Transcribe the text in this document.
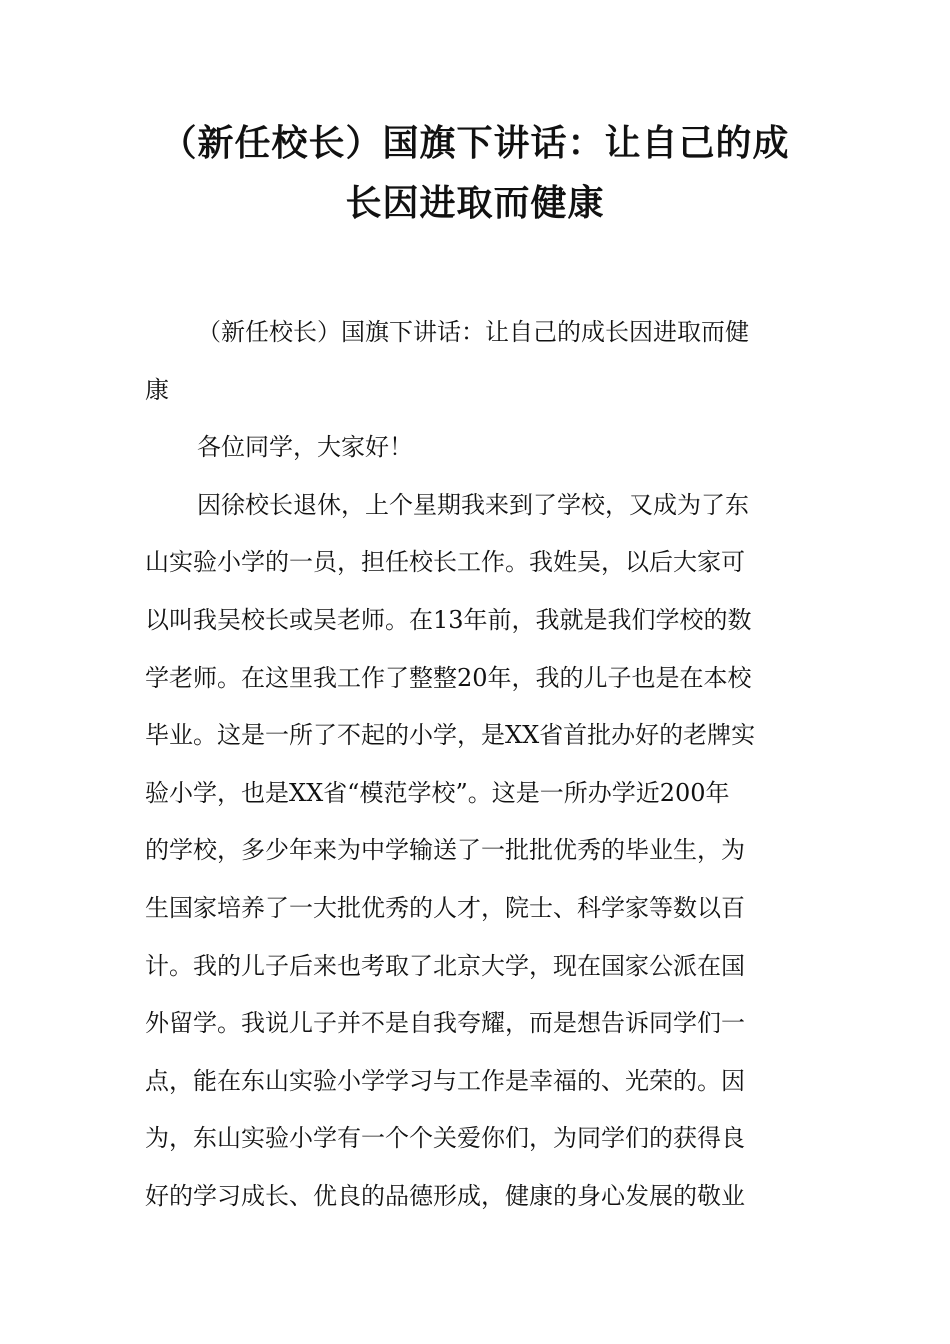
（新任校长）国旗下讲话：让自己的成
长因进取而健康

（新任校长）国旗下讲话：让自己的成长因进取而健
康

各位同学，大家好！

因徐校长退休，上个星期我来到了学校，又成为了东
山实验小学的一员，担任校长工作。我姓吴，以后大家可
以叫我吴校长或吴老师。在13年前，我就是我们学校的数
学老师。在这里我工作了整整20年，我的儿子也是在本校
毕业。这是一所了不起的小学，是XX省首批办好的老牌实
验小学，也是XX省“模范学校”。这是一所办学近200年
的学校，多少年来为中学输送了一批批优秀的毕业生，为
生国家培养了一大批优秀的人才，院士、科学家等数以百
计。我的儿子后来也考取了北京大学，现在国家公派在国
外留学。我说儿子并不是自我夸耀，而是想告诉同学们一
点，能在东山实验小学学习与工作是幸福的、光荣的。因
为，东山实验小学有一个个关爱你们，为同学们的获得良
好的学习成长、优良的品德形成，健康的身心发展的敬业
